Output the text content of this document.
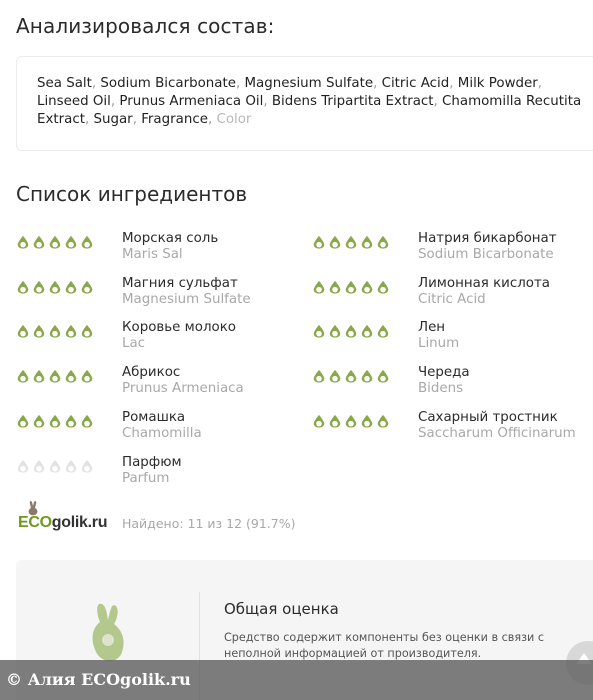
Анализировался состав:
Sea Salt, Sodium Bicarbonate, Magnesium Sulfate, Citric Acid, Milk Powder, Linseed Oil, Prunus Armeniaca Oil, Bidens Tripartita Extract, Chamomilla Recutita Extract, Sugar, Fragrance, Color
Список ингредиентов
Морская соль
Maris Sal
Натрия бикарбонат
Sodium Bicarbonate
Магния сульфат
Magnesium Sulfate
Лимонная кислота
Citric Acid
Коровье молоко
Lac
Лен
Linum
Абрикос
Prunus Armeniaca
Череда
Bidens
Ромашка
Chamomilla
Сахарный тростник
Saccharum Officinarum
Парфюм
Parfum
ECOgolik.ru Найдено: 11 из 12 (91.7%)
Общая оценка
Средство содержит компоненты без оценки в связи с неполной информацией от производителя.
© Алия ECOgolik.ru
